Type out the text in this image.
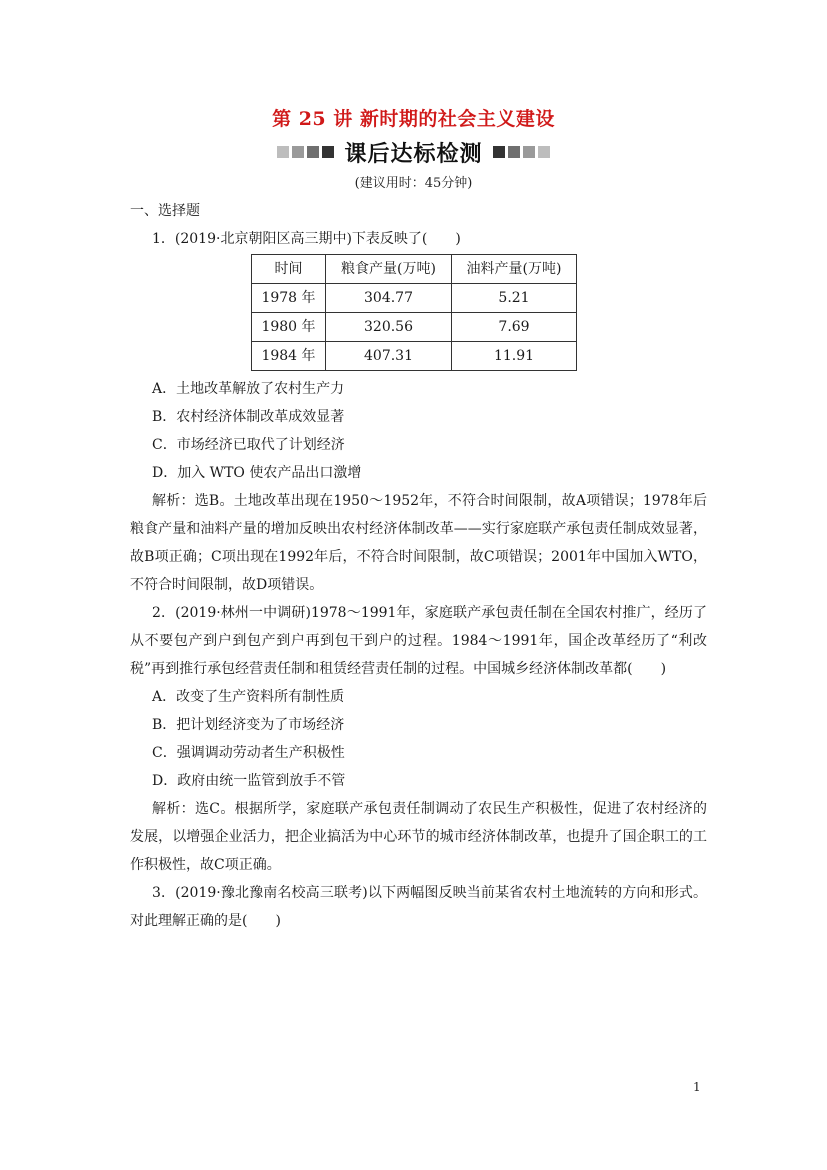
第 25 讲 新时期的社会主义建设
课后达标检测
(建议用时：45分钟)

一、选择题

1．(2019·北京朝阳区高三期中)下表反映了(　　)

时间	粮食产量(万吨)	油料产量(万吨)
1978 年	304.77	5.21
1980 年	320.56	7.69
1984 年	407.31	11.91

A．土地改革解放了农村生产力

B．农村经济体制改革成效显著

C．市场经济已取代了计划经济

D．加入 WTO 使农产品出口激增

解析：选B。土地改革出现在1950～1952年，不符合时间限制，故A项错误；1978年后粮食产量和油料产量的增加反映出农村经济体制改革——实行家庭联产承包责任制成效显著，故B项正确；C项出现在1992年后，不符合时间限制，故C项错误；2001年中国加入WTO，不符合时间限制，故D项错误。

2．(2019·林州一中调研)1978～1991年，家庭联产承包责任制在全国农村推广，经历了从不要包产到户到包产到户再到包干到户的过程。1984～1991年，国企改革经历了“利改税”再到推行承包经营责任制和租赁经营责任制的过程。中国城乡经济体制改革都(　　)

A．改变了生产资料所有制性质

B．把计划经济变为了市场经济

C．强调调动劳动者生产积极性

D．政府由统一监管到放手不管

解析：选C。根据所学，家庭联产承包责任制调动了农民生产积极性，促进了农村经济的发展，以增强企业活力，把企业搞活为中心环节的城市经济体制改革，也提升了国企职工的工作积极性，故C项正确。

3．(2019·豫北豫南名校高三联考)以下两幅图反映当前某省农村土地流转的方向和形式。对此理解正确的是(　　)

1
